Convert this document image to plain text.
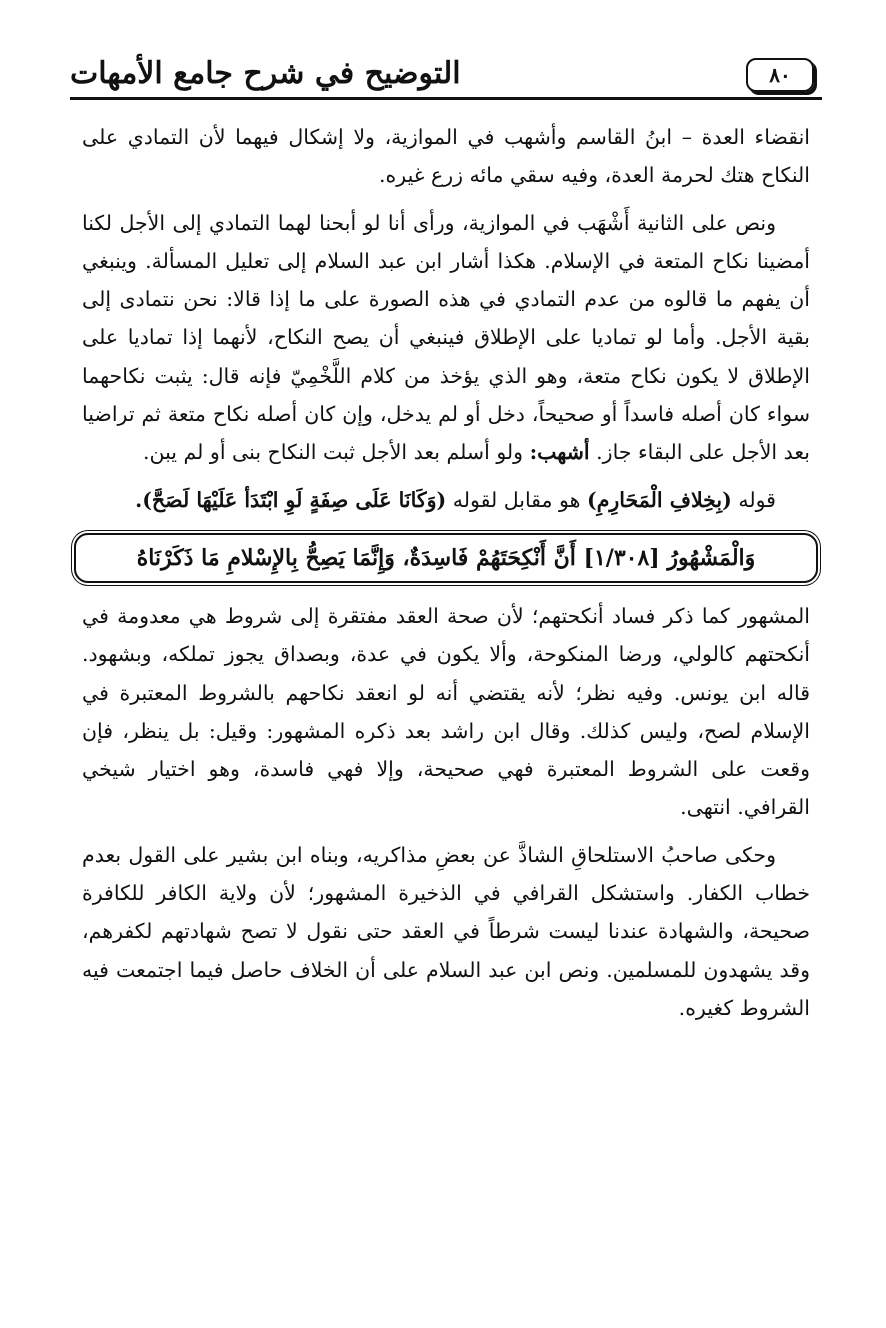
التوضيح في شرح جامع الأمهات	٨٠

انقضاء العدة – ابنُ القاسم وأشهب في الموازية، ولا إشكال فيهما لأن التمادي على النكاح هتك لحرمة العدة، وفيه سقي مائه زرع غيره.

ونص على الثانية أَشْهَب في الموازية، ورأى أنا لو أبحنا لهما التمادي إلى الأجل لكنا أمضينا نكاح المتعة في الإسلام. هكذا أشار ابن عبد السلام إلى تعليل المسألة. وينبغي أن يفهم ما قالوه من عدم التمادي في هذه الصورة على ما إذا قالا: نحن نتمادى إلى بقية الأجل. وأما لو تماديا على الإطلاق فينبغي أن يصح النكاح، لأنهما إذا تماديا على الإطلاق لا يكون نكاح متعة، وهو الذي يؤخذ من كلام اللَّخْمِيّ فإنه قال: يثبت نكاحهما سواء كان أصله فاسداً أو صحيحاً، دخل أو لم يدخل، وإن كان أصله نكاح متعة ثم تراضيا بعد الأجل على البقاء جاز. أشهب: ولو أسلم بعد الأجل ثبت النكاح بنى أو لم يبن.

قوله (بِخِلافِ الْمَحَارِمِ) هو مقابل لقوله (وَكَانَا عَلَى صِفَةٍ لَوِ ابْتَدَأ عَلَيْهَا لَصَحَّ).

وَالْمَشْهُورُ [١/٣٠٨] أَنَّ أَنْكِحَتَهُمْ فَاسِدَةٌ، وَإِنَّمَا يَصِحُّ بِالإِسْلامِ مَا ذَكَرْنَاهُ

المشهور كما ذكر فساد أنكحتهم؛ لأن صحة العقد مفتقرة إلى شروط هي معدومة في أنكحتهم كالولي، ورضا المنكوحة، وألا يكون في عدة، وبصداق يجوز تملكه، وبشهود. قاله ابن يونس. وفيه نظر؛ لأنه يقتضي أنه لو انعقد نكاحهم بالشروط المعتبرة في الإسلام لصح، وليس كذلك. وقال ابن راشد بعد ذكره المشهور: وقيل: بل ينظر، فإن وقعت على الشروط المعتبرة فهي صحيحة، وإلا فهي فاسدة، وهو اختيار شيخي القرافي. انتهى.

وحكى صاحبُ الاستلحاقِ الشاذَّ عن بعضِ مذاكريه، وبناه ابن بشير على القول بعدم خطاب الكفار. واستشكل القرافي في الذخيرة المشهور؛ لأن ولاية الكافر للكافرة صحيحة، والشهادة عندنا ليست شرطاً في العقد حتى نقول لا تصح شهادتهم لكفرهم، وقد يشهدون للمسلمين. ونص ابن عبد السلام على أن الخلاف حاصل فيما اجتمعت فيه الشروط كغيره.
